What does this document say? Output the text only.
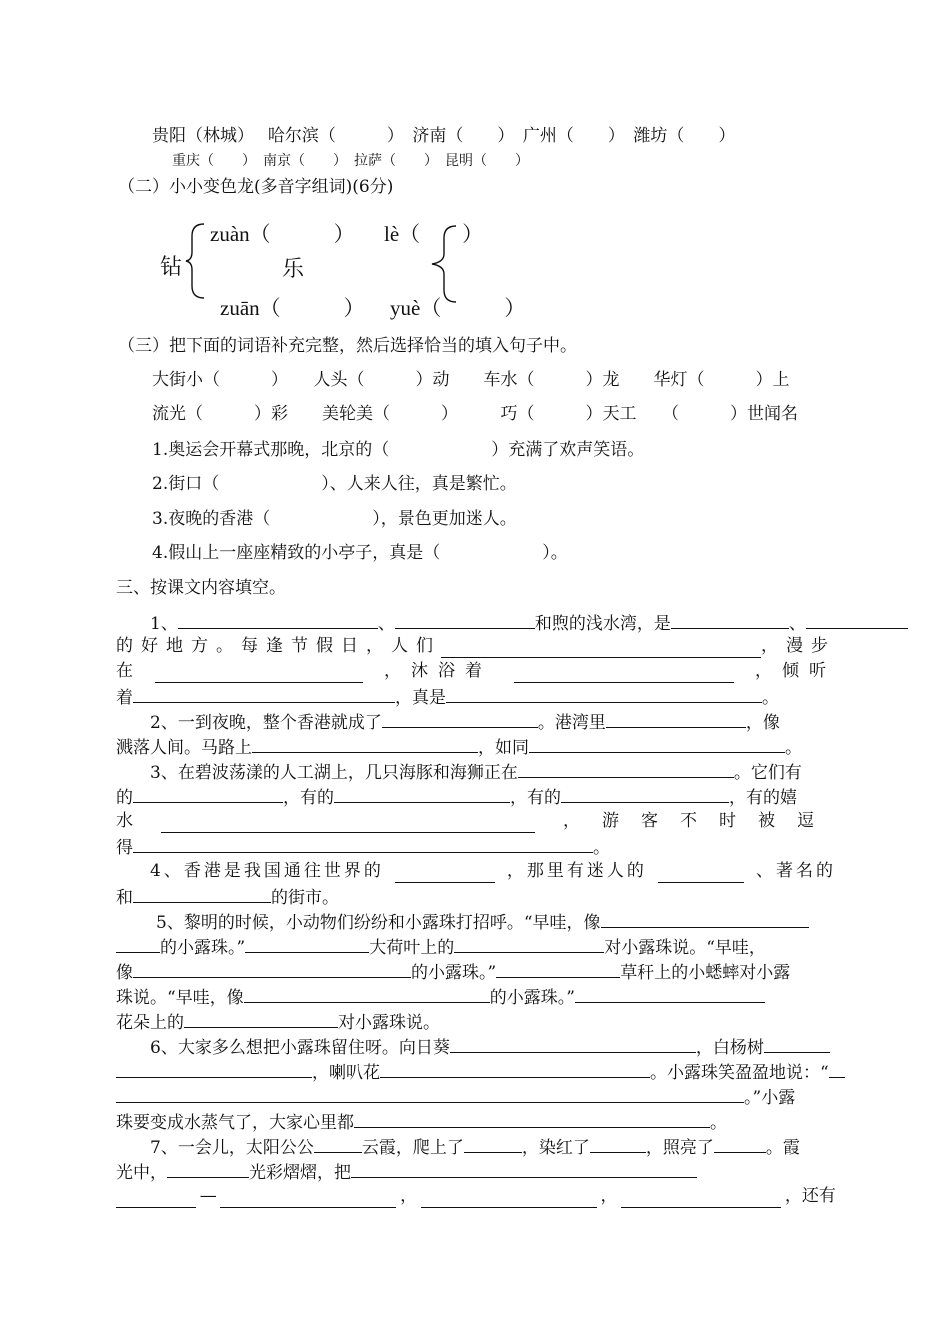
贵阳（林城）　 哈尔滨（　　　）　济南（　　）　广州（　　）　潍坊（　　）
重庆（　　）　南京（　　）　拉萨（　　）　昆明（　　）
（二）小小变色龙(多音字组词)(6分)
钻
zuàn（　　　）
zuān（　　　）
乐
lè（　　）
yuè（　　　）
（三）把下面的词语补充完整，然后选择恰当的填入句子中。
大街小（　　　）　　人头（　　　）动　　车水（　　　）龙　　华灯（　　　）上
流光（　　　）彩　　美轮美（　　　）　　　巧（　　　）天工　　（　　　）世闻名
1.奥运会开幕式那晚，北京的（　　　　　　）充满了欢声笑语。
2.街口（　　　　　　）、人来人往，真是繁忙。
3.夜晚的香港（　　　　　　），景色更加迷人。
4.假山上一座座精致的小亭子，真是（　　　　　　）。
三、按课文内容填空。
1、	、	和煦的浅水湾，是	、
的好地方。每逢节假日，人们	，漫步
在	，沐浴着	，倾听
着	，真是	。
2、一到夜晚，整个香港就成了	。港湾里	，像
溅落人间。马路上	，如同	。
3、在碧波荡漾的人工湖上，几只海豚和海狮正在	。它们有
的	，有的	，有的	，有的嬉
水	，游客不时被逗
得	。
4、香港是我国通往世界的	，那里有迷人的	、著名的
和	的街市。
5、黎明的时候，小动物们纷纷和小露珠打招呼。“早哇，像
的小露珠。”	大荷叶上的	对小露珠说。“早哇，
像	的小露珠。”	草秆上的小蟋蟀对小露
珠说。“早哇，像	的小露珠。”
花朵上的	对小露珠说。
6、大家多么想把小露珠留住呀。向日葵	，白杨树
，喇叭花	。小露珠笑盈盈地说：“
。”小露
珠要变成水蒸气了，大家心里都	。
7、一会儿，太阳公公	云霞，爬上了	，染红了	，照亮了	。霞
光中，	光彩熠熠，把
—	，	，	，还有
